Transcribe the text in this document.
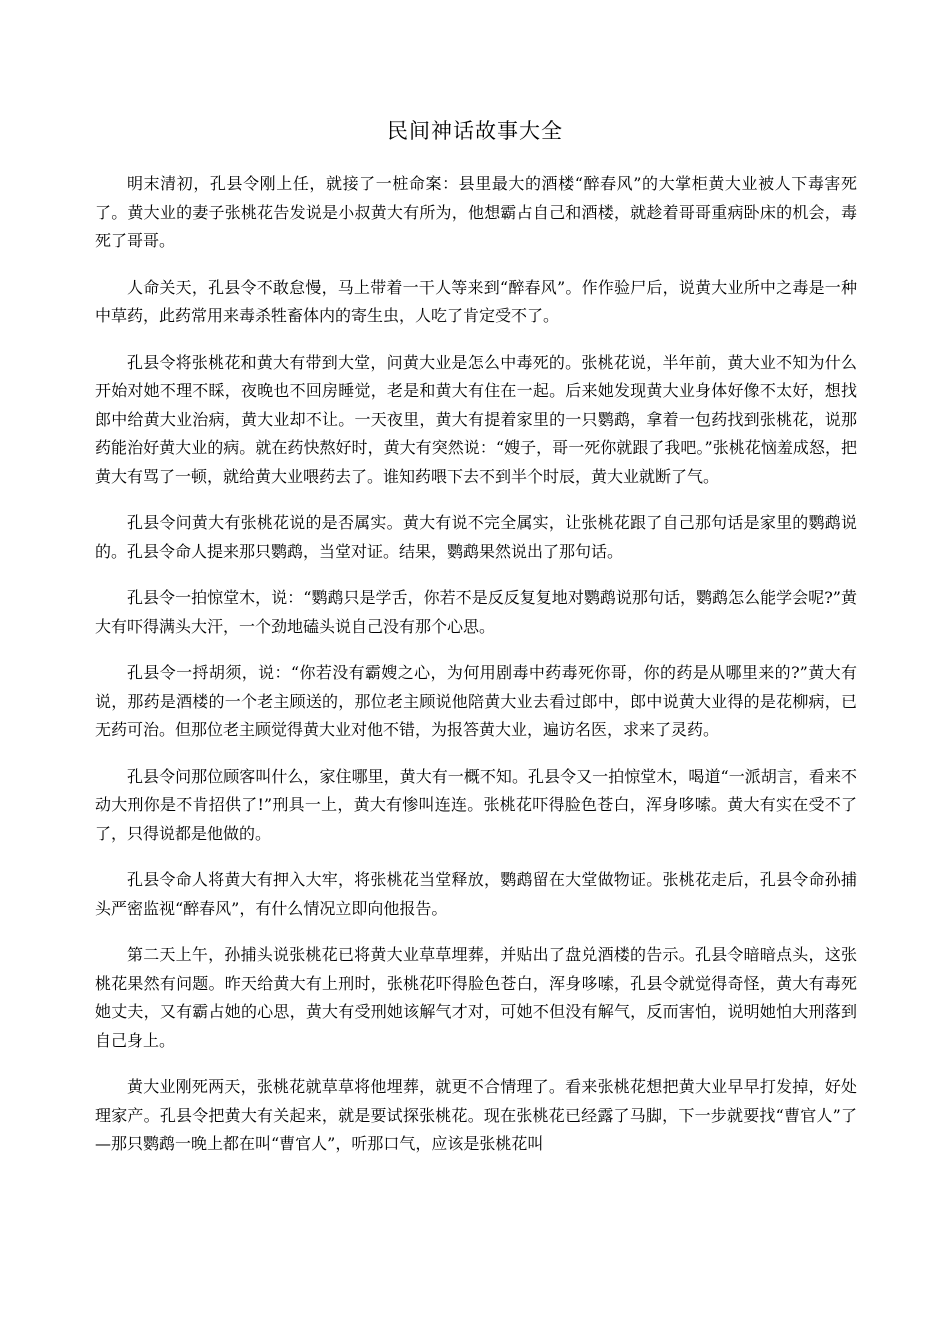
民间神话故事大全

明末清初，孔县令刚上任，就接了一桩命案：县里最大的酒楼“醉春风”的大掌柜黄大业被人下毒害死了。黄大业的妻子张桃花告发说是小叔黄大有所为，他想霸占自己和酒楼，就趁着哥哥重病卧床的机会，毒死了哥哥。

人命关天，孔县令不敢怠慢，马上带着一干人等来到“醉春风”。作作验尸后，说黄大业所中之毒是一种中草药，此药常用来毒杀牲畜体内的寄生虫，人吃了肯定受不了。

孔县令将张桃花和黄大有带到大堂，问黄大业是怎么中毒死的。张桃花说，半年前，黄大业不知为什么开始对她不理不睬，夜晚也不回房睡觉，老是和黄大有住在一起。后来她发现黄大业身体好像不太好，想找郎中给黄大业治病，黄大业却不让。一天夜里，黄大有提着家里的一只鹦鹉，拿着一包药找到张桃花，说那药能治好黄大业的病。就在药快熬好时，黄大有突然说：“嫂子，哥一死你就跟了我吧。”张桃花恼羞成怒，把黄大有骂了一顿，就给黄大业喂药去了。谁知药喂下去不到半个时辰，黄大业就断了气。

孔县令问黄大有张桃花说的是否属实。黄大有说不完全属实，让张桃花跟了自己那句话是家里的鹦鹉说的。孔县令命人提来那只鹦鹉，当堂对证。结果，鹦鹉果然说出了那句话。

孔县令一拍惊堂木，说：“鹦鹉只是学舌，你若不是反反复复地对鹦鹉说那句话，鹦鹉怎么能学会呢?”黄大有吓得满头大汗，一个劲地磕头说自己没有那个心思。

孔县令一捋胡须，说：“你若没有霸嫂之心，为何用剧毒中药毒死你哥，你的药是从哪里来的?”黄大有说，那药是酒楼的一个老主顾送的，那位老主顾说他陪黄大业去看过郎中，郎中说黄大业得的是花柳病，已无药可治。但那位老主顾觉得黄大业对他不错，为报答黄大业，遍访名医，求来了灵药。

孔县令问那位顾客叫什么，家住哪里，黄大有一概不知。孔县令又一拍惊堂木，喝道“一派胡言，看来不动大刑你是不肯招供了!”刑具一上，黄大有惨叫连连。张桃花吓得脸色苍白，浑身哆嗦。黄大有实在受不了了，只得说都是他做的。

孔县令命人将黄大有押入大牢，将张桃花当堂释放，鹦鹉留在大堂做物证。张桃花走后，孔县令命孙捕头严密监视“醉春风”，有什么情况立即向他报告。

第二天上午，孙捕头说张桃花已将黄大业草草埋葬，并贴出了盘兑酒楼的告示。孔县令暗暗点头，这张桃花果然有问题。昨天给黄大有上刑时，张桃花吓得脸色苍白，浑身哆嗦，孔县令就觉得奇怪，黄大有毒死她丈夫，又有霸占她的心思，黄大有受刑她该解气才对，可她不但没有解气，反而害怕，说明她怕大刑落到自己身上。

黄大业刚死两天，张桃花就草草将他埋葬，就更不合情理了。看来张桃花想把黄大业早早打发掉，好处理家产。孔县令把黄大有关起来，就是要试探张桃花。现在张桃花已经露了马脚，下一步就要找“曹官人”了—那只鹦鹉一晚上都在叫“曹官人”，听那口气，应该是张桃花叫
